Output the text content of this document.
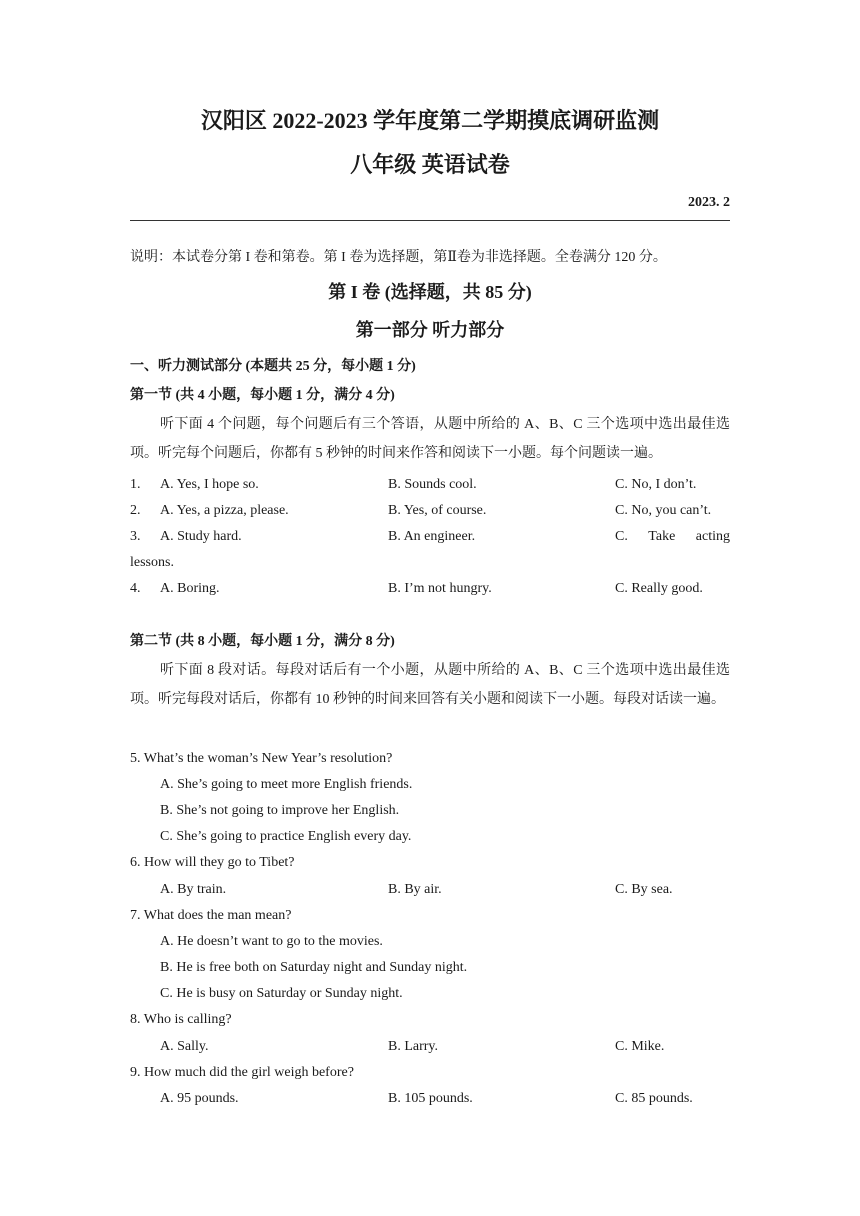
汉阳区 2022-2023 学年度第二学期摸底调研监测
八年级 英语试卷
2023. 2
说明：本试卷分第 I 卷和第卷。第 I 卷为选择题，第Ⅱ卷为非选择题。全卷满分 120 分。
第 I 卷 (选择题，共 85 分)
第一部分 听力部分
一、听力测试部分 (本题共 25 分，每小题 1 分)
第一节 (共 4 小题，每小题 1 分，满分 4 分)
听下面 4 个问题，每个问题后有三个答语，从题中所给的 A、B、C 三个选项中选出最佳选项。听完每个问题后，你都有 5 秒钟的时间来作答和阅读下一小题。每个问题读一遍。
1. A. Yes, I hope so.	B. Sounds cool.	C. No, I don’t.
2. A. Yes, a pizza, please.	B. Yes, of course.	C. No, you can’t.
3. A. Study hard.	B. An engineer.	C. Take acting
lessons.
4. A. Boring.	B. I’m not hungry.	C. Really good.
第二节 (共 8 小题，每小题 1 分，满分 8 分)
听下面 8 段对话。每段对话后有一个小题，从题中所给的 A、B、C 三个选项中选出最佳选项。听完每段对话后，你都有 10 秒钟的时间来回答有关小题和阅读下一小题。每段对话读一遍。
5. What’s the woman’s New Year’s resolution?
A. She’s going to meet more English friends.
B. She’s not going to improve her English.
C. She’s going to practice English every day.
6. How will they go to Tibet?
A. By train.	B. By air.	C. By sea.
7. What does the man mean?
A. He doesn’t want to go to the movies.
B. He is free both on Saturday night and Sunday night.
C. He is busy on Saturday or Sunday night.
8. Who is calling?
A. Sally.	B. Larry.	C. Mike.
9. How much did the girl weigh before?
A. 95 pounds.	B. 105 pounds.	C. 85 pounds.
